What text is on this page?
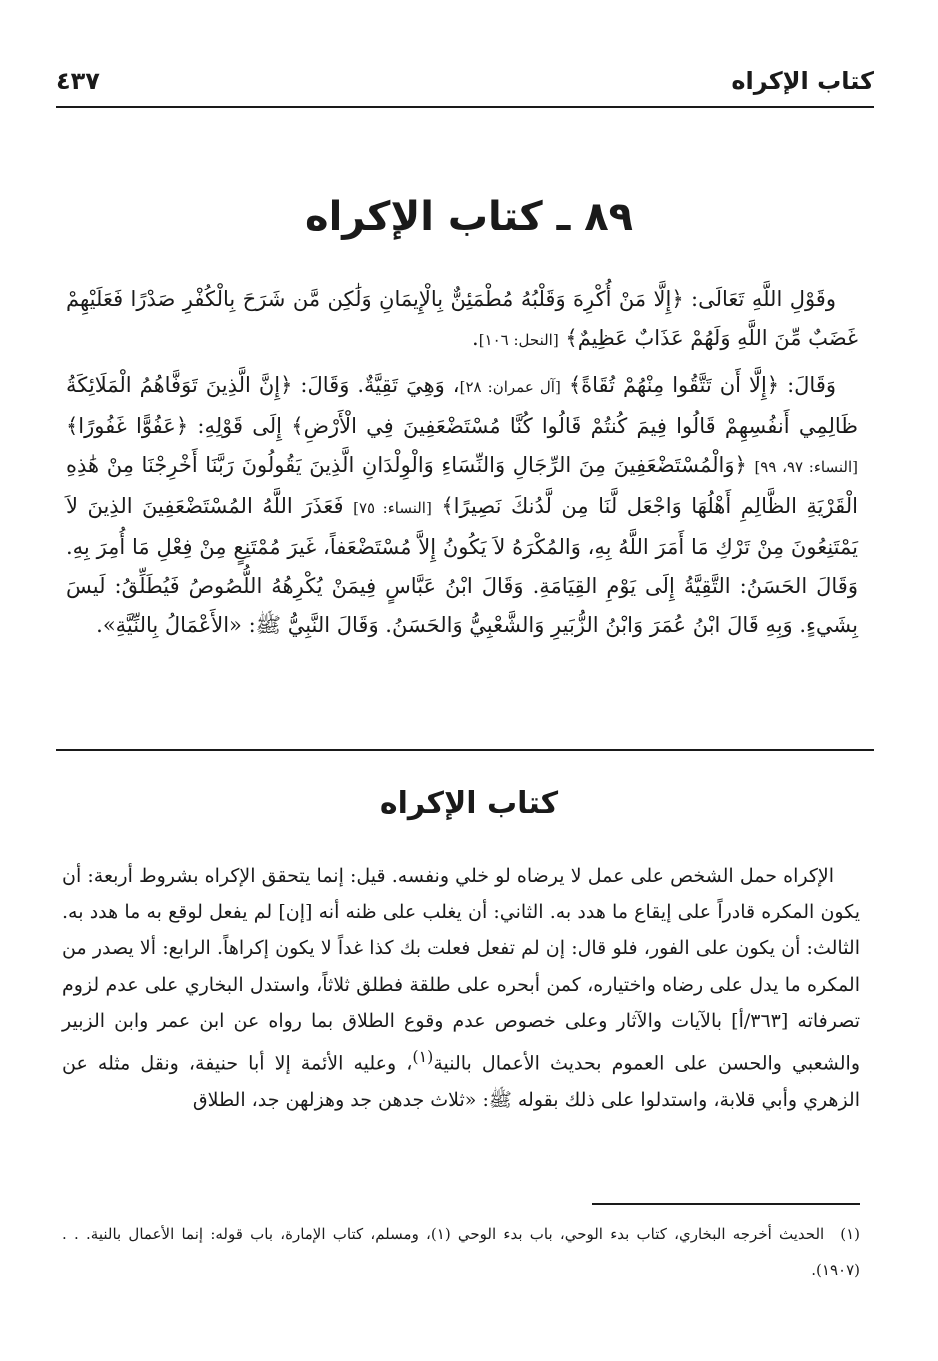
كتاب الإكراه
٤٣٧
٨٩ ـ كتاب الإكراه

وقَوْلِ اللَّهِ تَعَالَى: ﴿إِلَّا مَنْ أُكْرِهَ وَقَلْبُهُ مُطْمَئِنٌّ بِالْإِيمَانِ وَلَٰكِن مَّن شَرَحَ بِالْكُفْرِ صَدْرًا فَعَلَيْهِمْ غَضَبٌ مِّنَ اللَّهِ وَلَهُمْ عَذَابٌ عَظِيمٌ﴾ [النحل: ١٠٦].

وَقَالَ: ﴿إِلَّا أَن تَتَّقُوا مِنْهُمْ تُقَاةً﴾ [آل عمران: ٢٨]، وَهِيَ تَقِيَّةٌ. وَقَالَ: ﴿إِنَّ الَّذِينَ تَوَفَّاهُمُ الْمَلَائِكَةُ ظَالِمِي أَنفُسِهِمْ قَالُوا فِيمَ كُنتُمْ قَالُوا كُنَّا مُسْتَضْعَفِينَ فِي الْأَرْضِ﴾ إِلَى قَوْلِهِ: ﴿عَفُوًّا غَفُورًا﴾ [النساء: ٩٧، ٩٩] ﴿وَالْمُسْتَضْعَفِينَ مِنَ الرِّجَالِ وَالنِّسَاءِ وَالْوِلْدَانِ الَّذِينَ يَقُولُونَ رَبَّنَا أَخْرِجْنَا مِنْ هَٰذِهِ الْقَرْيَةِ الظَّالِمِ أَهْلُهَا وَاجْعَل لَّنَا مِن لَّدُنكَ نَصِيرًا﴾ [النساء: ٧٥] فَعَذَرَ اللَّهُ المُسْتَضْعَفِينَ الذِينَ لاَ يَمْتَنِعُونَ مِنْ تَرْكِ مَا أَمَرَ اللَّهُ بِهِ، وَالمُكْرَهُ لاَ يَكُونُ إِلاَّ مُسْتَضْعَفاً، غَيرَ مُمْتَنِعٍ مِنْ فِعْلِ مَا أُمِرَ بِهِ. وَقَالَ الحَسَنُ: التَّقِيَّةُ إِلَى يَوْمِ القِيَامَةِ. وَقَالَ ابْنُ عَبَّاسٍ فِيمَنْ يُكْرِهُهُ اللُّصُوصُ فَيُطَلِّقُ: لَيسَ بِشَيءٍ. وَبِهِ قَالَ ابْنُ عُمَرَ وَابْنُ الزُّبَيرِ وَالشَّعْبِيُّ وَالحَسَنُ. وَقَالَ النَّبِيُّ ﷺ: «الأَعْمَالُ بِالنِّيَّةِ».

كتاب الإكراه

الإكراه حمل الشخص على عمل لا يرضاه لو خلي ونفسه. قيل: إنما يتحقق الإكراه بشروط أربعة: أن يكون المكره قادراً على إيقاع ما هدد به. الثاني: أن يغلب على ظنه أنه [إن] لم يفعل لوقع به ما هدد به. الثالث: أن يكون على الفور، فلو قال: إن لم تفعل فعلت بك كذا غداً لا يكون إكراهاً. الرابع: ألا يصدر من المكره ما يدل على رضاه واختياره، كمن أبحره على طلقة فطلق ثلاثاً، واستدل البخاري على عدم لزوم تصرفاته [٣٦٣/أ] بالآيات والآثار وعلى خصوص عدم وقوع الطلاق بما رواه عن ابن عمر وابن الزبير والشعبي والحسن على العموم بحديث الأعمال بالنية$^{(١)}$، وعليه الأئمة إلا أبا حنيفة، ونقل مثله عن الزهري وأبي قلابة، واستدلوا على ذلك بقوله ﷺ: «ثلاث جدهن جد وهزلهن جد، الطلاق

(١)الحديث أخرجه البخاري، كتاب بدء الوحي، باب بدء الوحي (١)، ومسلم، كتاب الإمارة، باب قوله: إنما الأعمال بالنية. . . (١٩٠٧).
